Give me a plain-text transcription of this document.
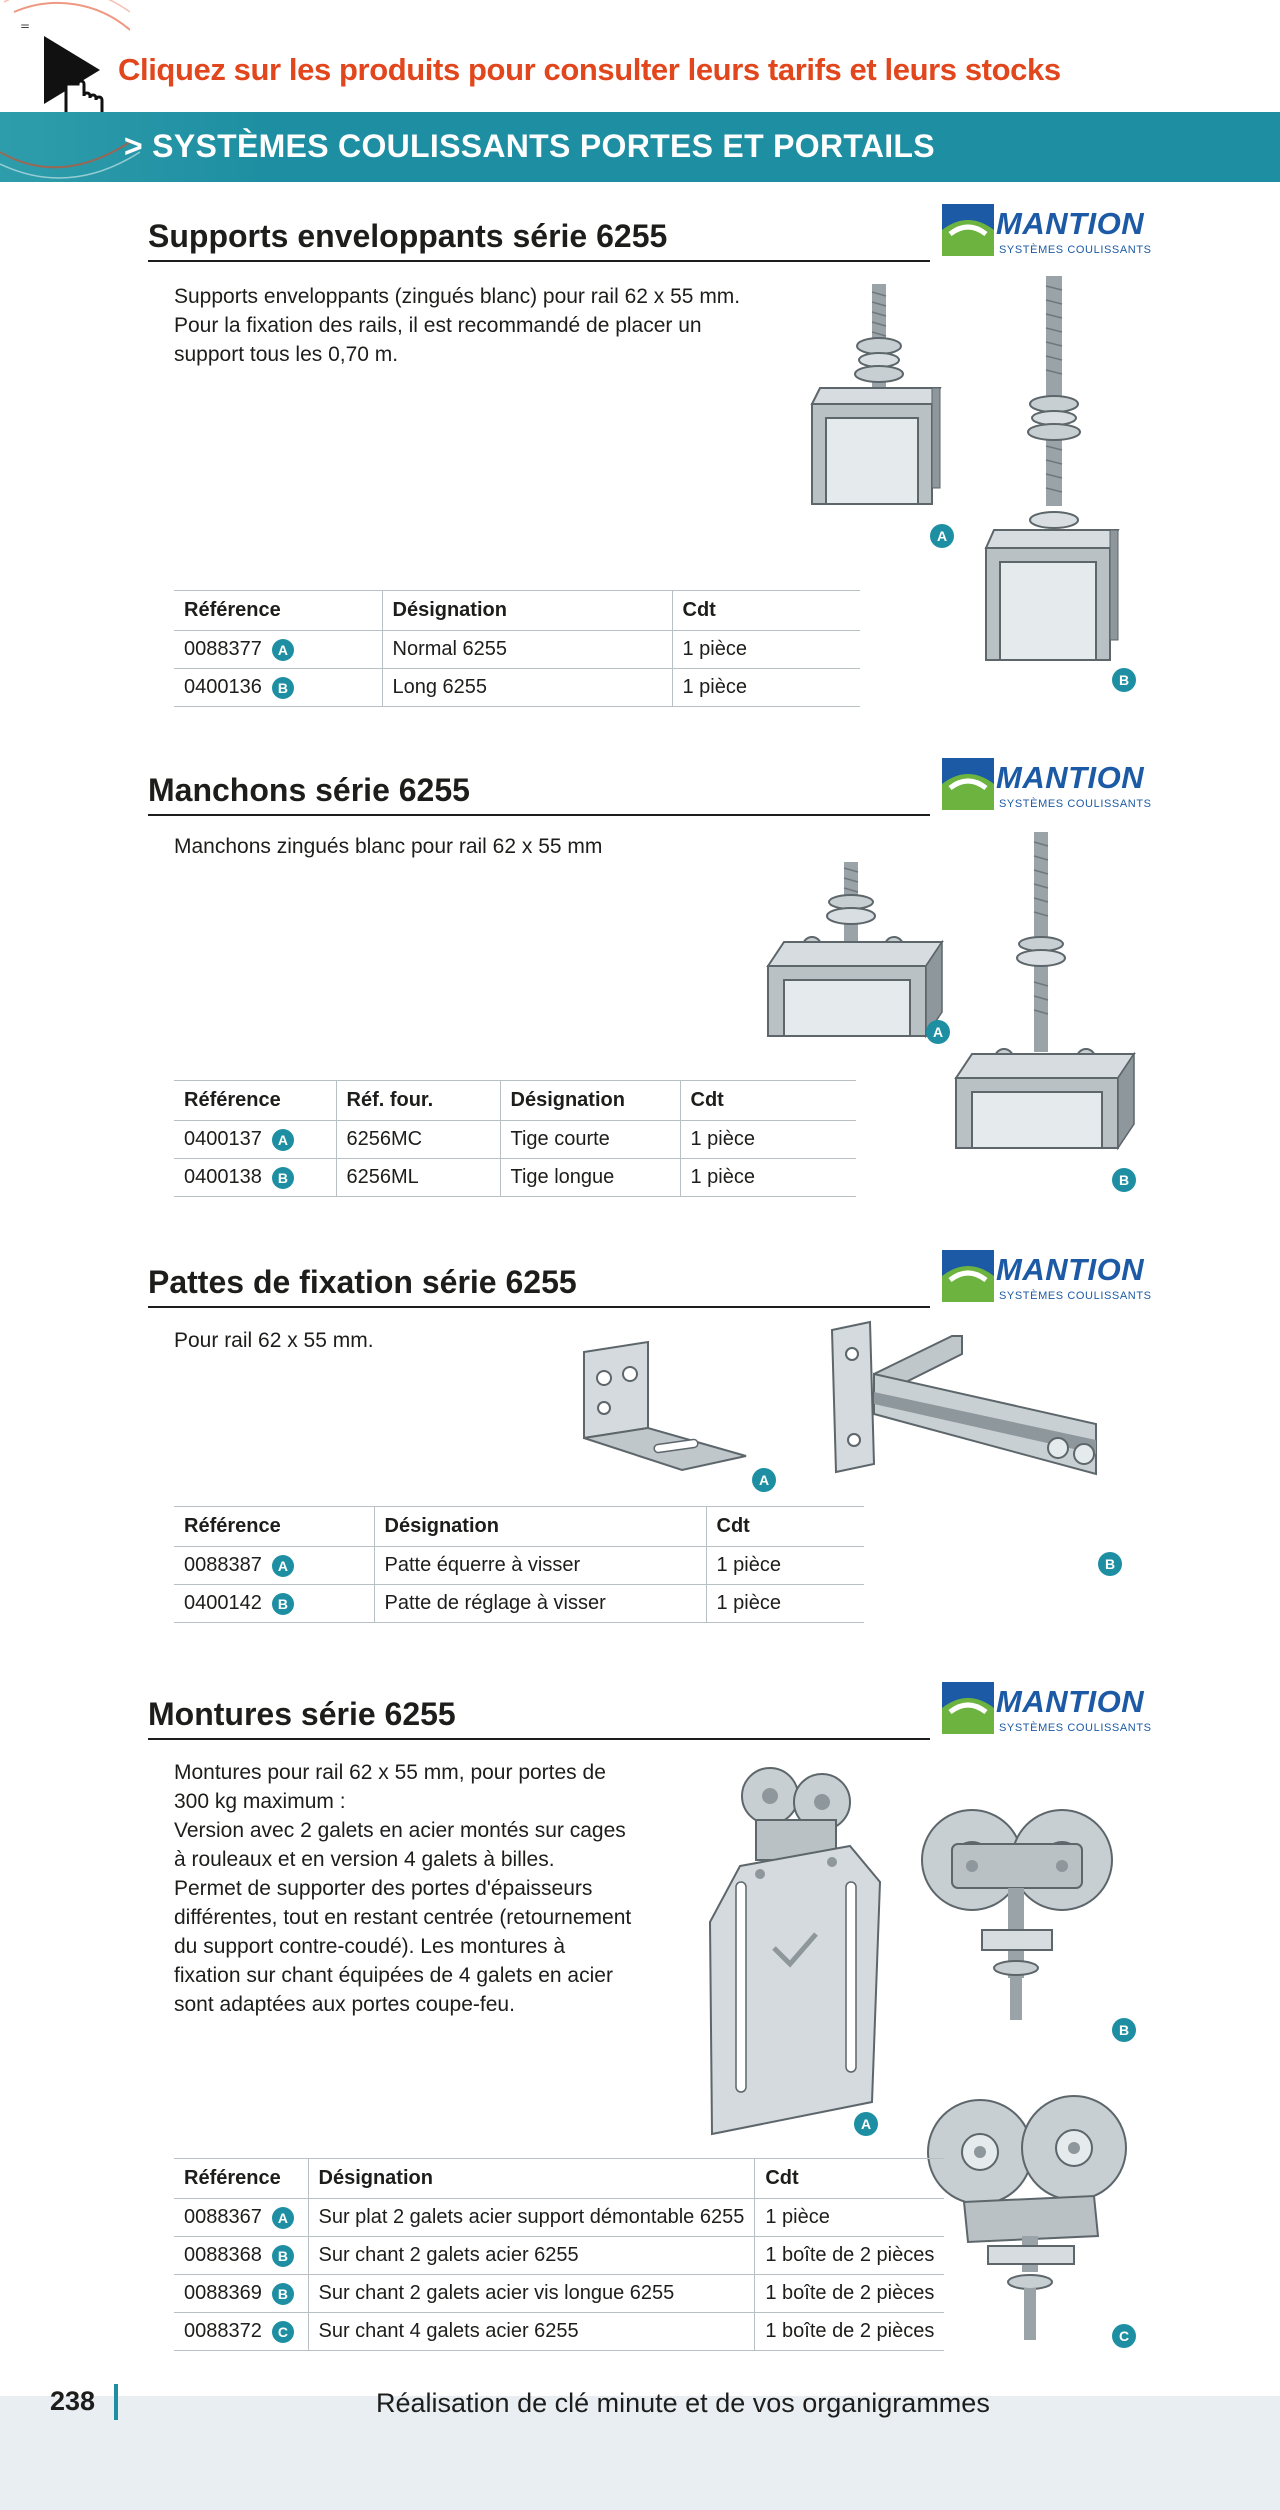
=
Cliquez sur les produits pour consulter leurs tarifs et leurs stocks
> SYSTÈMES COULISSANTS PORTES ET PORTAILS
Supports enveloppants série 6255	MANTION
SYSTÈMES COULISSANTS

Supports enveloppants (zingués blanc) pour rail 62 x 55 mm.

Pour la fixation des rails, il est recommandé de placer un

support tous les 0,70 m.

A
B
Référence	Désignation	Cdt
0088377 A	Normal 6255	1 pièce
0400136 B	Long 6255	1 pièce
Manchons série 6255	MANTION
SYSTÈMES COULISSANTS

Manchons zingués blanc pour rail 62 x 55 mm

A
B
Référence	Réf. four.	Désignation	Cdt
0400137 A	6256MC	Tige courte	1 pièce
0400138 B	6256ML	Tige longue	1 pièce
Pattes de fixation série 6255	MANTION
SYSTÈMES COULISSANTS

Pour rail 62 x 55 mm.

A
B
Référence	Désignation	Cdt
0088387 A	Patte équerre à visser	1 pièce
0400142 B	Patte de réglage à visser	1 pièce
Montures série 6255	MANTION
SYSTÈMES COULISSANTS

Montures pour rail 62 x 55 mm, pour portes de

300 kg maximum :

Version avec 2 galets en acier montés sur cages

à rouleaux et en version 4 galets à billes.

Permet de supporter des portes d'épaisseurs

différentes, tout en restant centrée (retournement

du support contre-coudé). Les montures à

fixation sur chant équipées de 4 galets en acier

sont adaptées aux portes coupe-feu.

A
B
C
Référence	Désignation	Cdt
0088367 A	Sur plat 2 galets acier support démontable 6255	1 pièce
0088368 B	Sur chant 2 galets acier 6255	1 boîte de 2 pièces
0088369 B	Sur chant 2 galets acier vis longue 6255	1 boîte de 2 pièces
0088372 C	Sur chant 4 galets acier 6255	1 boîte de 2 pièces
238	Réalisation de clé minute et de vos organigrammes
